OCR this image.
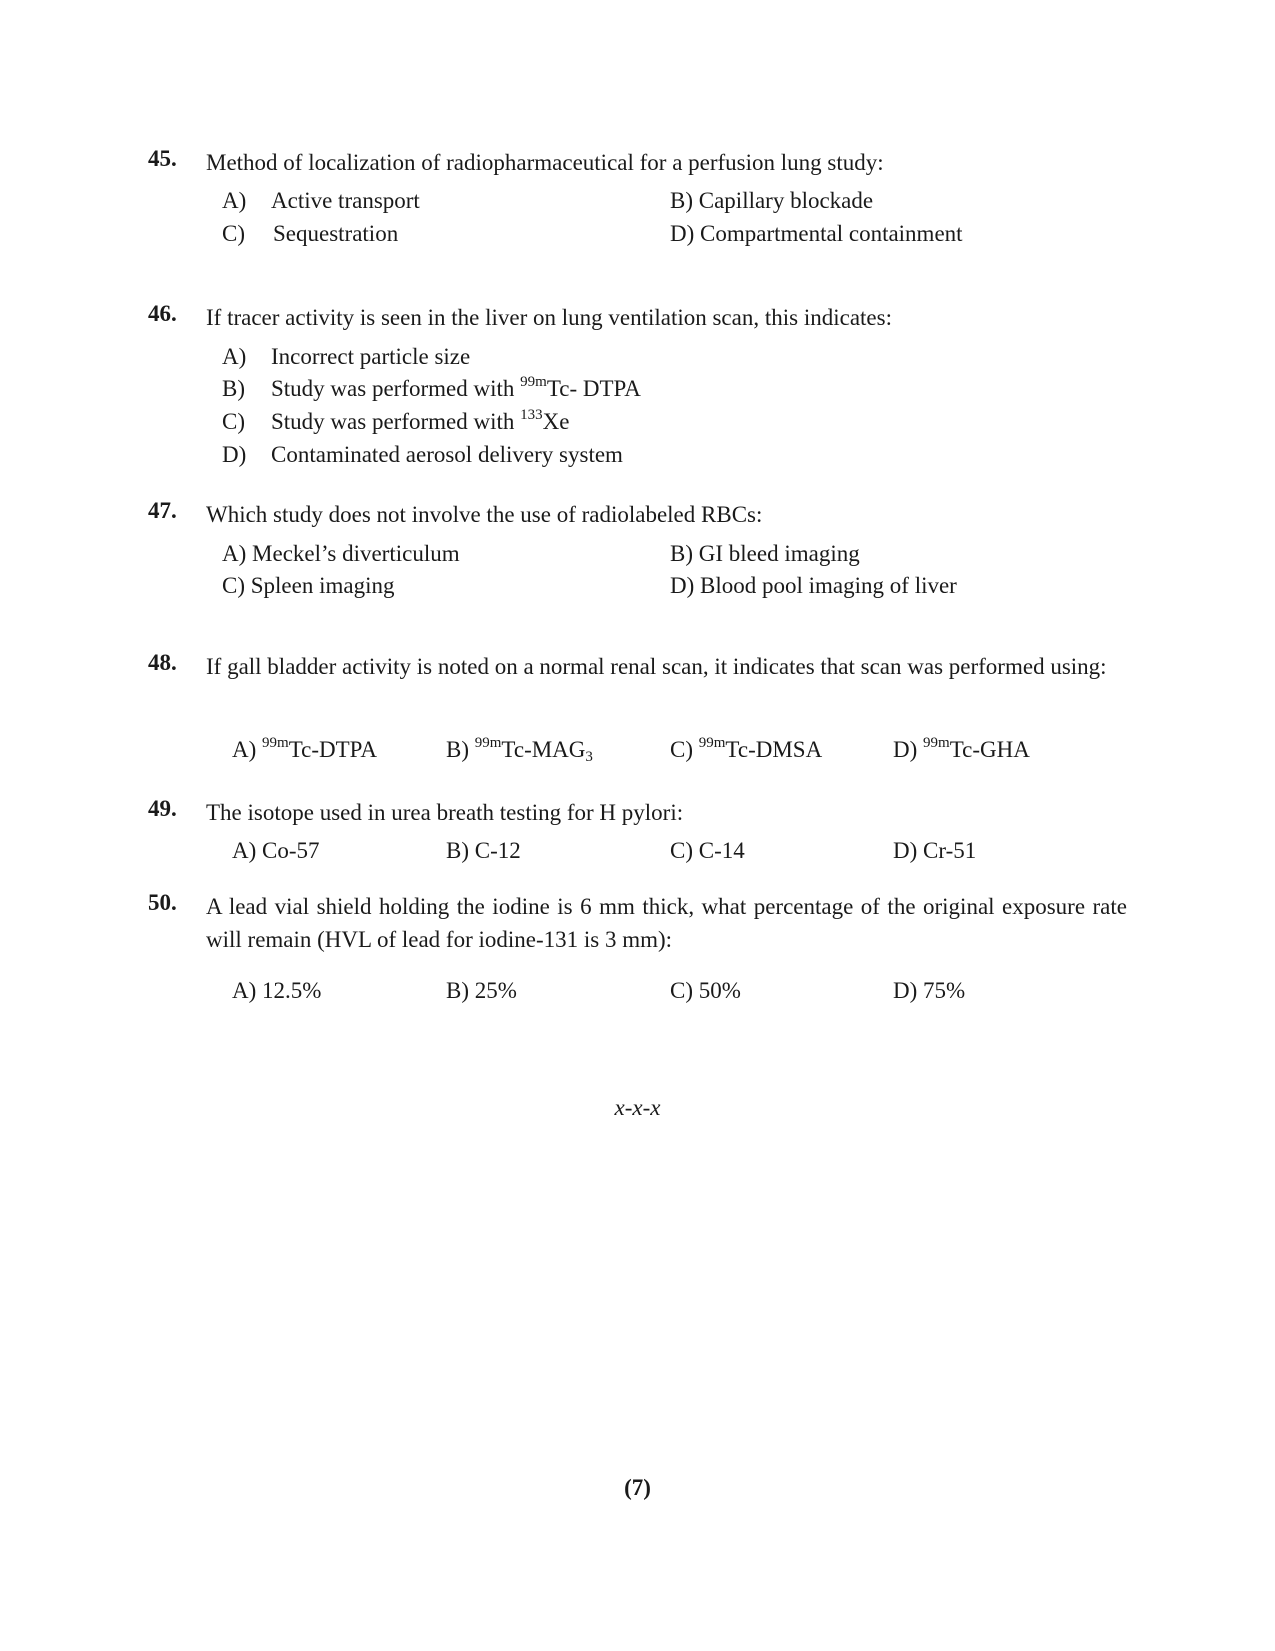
45. Method of localization of radiopharmaceutical for a perfusion lung study:
A) Active transport	B) Capillary blockade
C) Sequestration	D) Compartmental containment
46. If tracer activity is seen in the liver on lung ventilation scan, this indicates:
A) Incorrect particle size
B) Study was performed with $^{99m}$Tc- DTPA
C) Study was performed with $^{133}$Xe
D) Contaminated aerosol delivery system
47. Which study does not involve the use of radiolabeled RBCs:
A) Meckel’s diverticulum	B) GI bleed imaging
C) Spleen imaging	D) Blood pool imaging of liver
48. If gall bladder activity is noted on a normal renal scan, it indicates that scan was performed using:
A) $^{99m}$Tc-DTPA	B) $^{99m}Tc-MAG_3$	C) $^{99m}$Tc-DMSA	D) $^{99m}$Tc-GHA
49. The isotope used in urea breath testing for H pylori:
A) Co-57	B) C-12	C) C-14	D) Cr-51
50. A lead vial shield holding the iodine is 6 mm thick, what percentage of the original exposure rate will remain (HVL of lead for iodine-131 is 3 mm):
A) 12.5%	B) 25%	C) 50%	D) 75%
x-x-x
(7)
